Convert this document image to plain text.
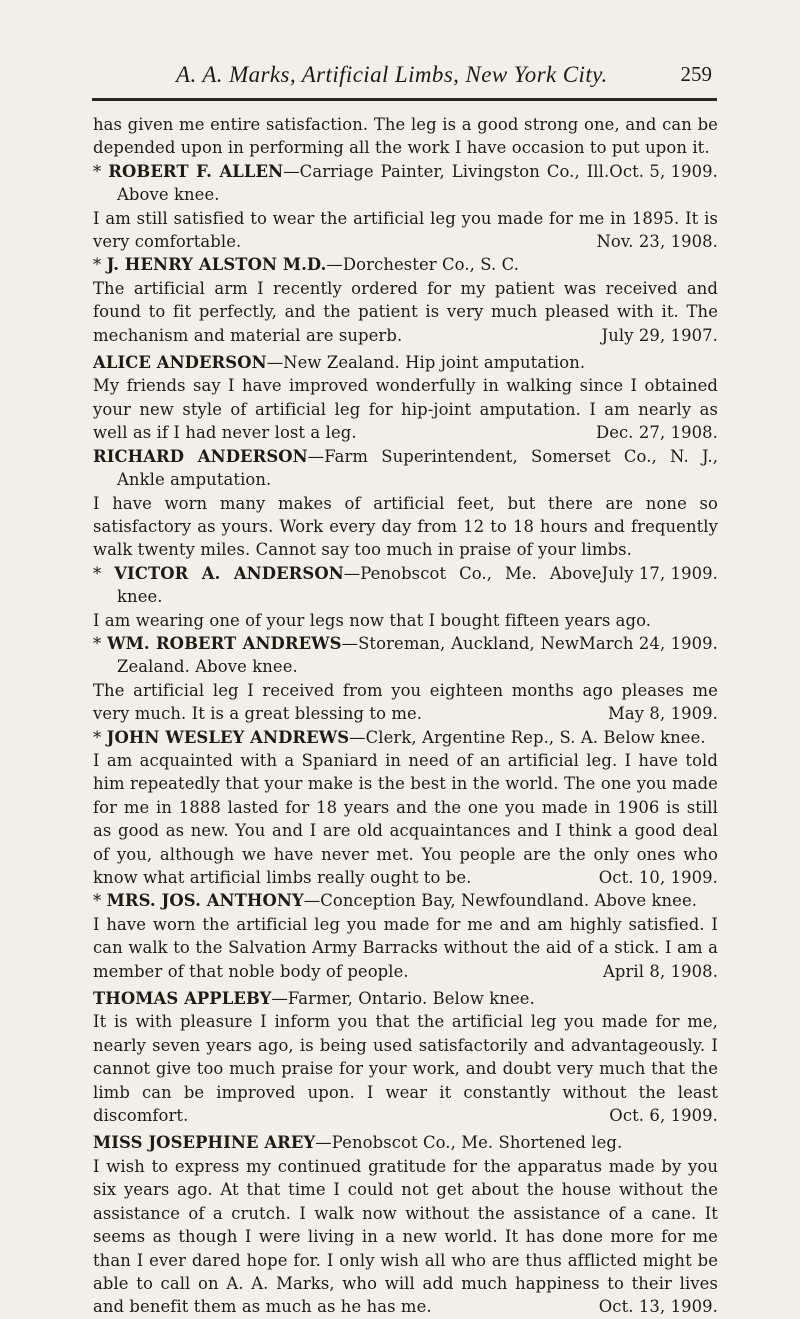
A. A. Marks, Artificial Limbs, New York City.	259

has given me entire satisfaction. The leg is a good strong one, and can be depended upon in performing all the work I have occasion to put upon it.
Oct. 5, 1909.

* ROBERT F. ALLEN—Carriage Painter, Livingston Co., Ill. Above knee.

I am still satisfied to wear the artificial leg you made for me in 1895. It is very comfortable.	Nov. 23, 1908.

* J. HENRY ALSTON M.D.—Dorchester Co., S. C.

The artificial arm I recently ordered for my patient was received and found to fit perfectly, and the patient is very much pleased with it. The mechanism and material are superb.	July 29, 1907.

ALICE ANDERSON—New Zealand. Hip joint amputation.

My friends say I have improved wonderfully in walking since I obtained your new style of artificial leg for hip-joint amputation. I am nearly as well as if I had never lost a leg.	Dec. 27, 1908.

RICHARD ANDERSON—Farm Superintendent, Somerset Co., N. J., Ankle amputation.

I have worn many makes of artificial feet, but there are none so satisfactory as yours. Work every day from 12 to 18 hours and frequently walk twenty miles. Cannot say too much in praise of your limbs.
July 17, 1909.

* VICTOR A. ANDERSON—Penobscot Co., Me. Above knee.

I am wearing one of your legs now that I bought fifteen years ago.
March 24, 1909.

* WM. ROBERT ANDREWS—Storeman, Auckland, New Zealand. Above knee.

The artificial leg I received from you eighteen months ago pleases me very much. It is a great blessing to me.	May 8, 1909.

* JOHN WESLEY ANDREWS—Clerk, Argentine Rep., S. A. Below knee.

I am acquainted with a Spaniard in need of an artificial leg. I have told him repeatedly that your make is the best in the world. The one you made for me in 1888 lasted for 18 years and the one you made in 1906 is still as good as new. You and I are old acquaintances and I think a good deal of you, although we have never met. You people are the only ones who know what artificial limbs really ought to be.	Oct. 10, 1909.

* MRS. JOS. ANTHONY—Conception Bay, Newfoundland. Above knee.

I have worn the artificial leg you made for me and am highly satisfied. I can walk to the Salvation Army Barracks without the aid of a stick. I am a member of that noble body of people.	April 8, 1908.

THOMAS APPLEBY—Farmer, Ontario. Below knee.

It is with pleasure I inform you that the artificial leg you made for me, nearly seven years ago, is being used satisfactorily and advantageously. I cannot give too much praise for your work, and doubt very much that the limb can be improved upon. I wear it constantly without the least discomfort.	Oct. 6, 1909.

MISS JOSEPHINE AREY—Penobscot Co., Me. Shortened leg.

I wish to express my continued gratitude for the apparatus made by you six years ago. At that time I could not get about the house without the assistance of a crutch. I walk now without the assistance of a cane. It seems as though I were living in a new world. It has done more for me than I ever dared hope for. I only wish all who are thus afflicted might be able to call on A. A. Marks, who will add much happiness to their lives and benefit them as much as he has me.	Oct. 13, 1909.
